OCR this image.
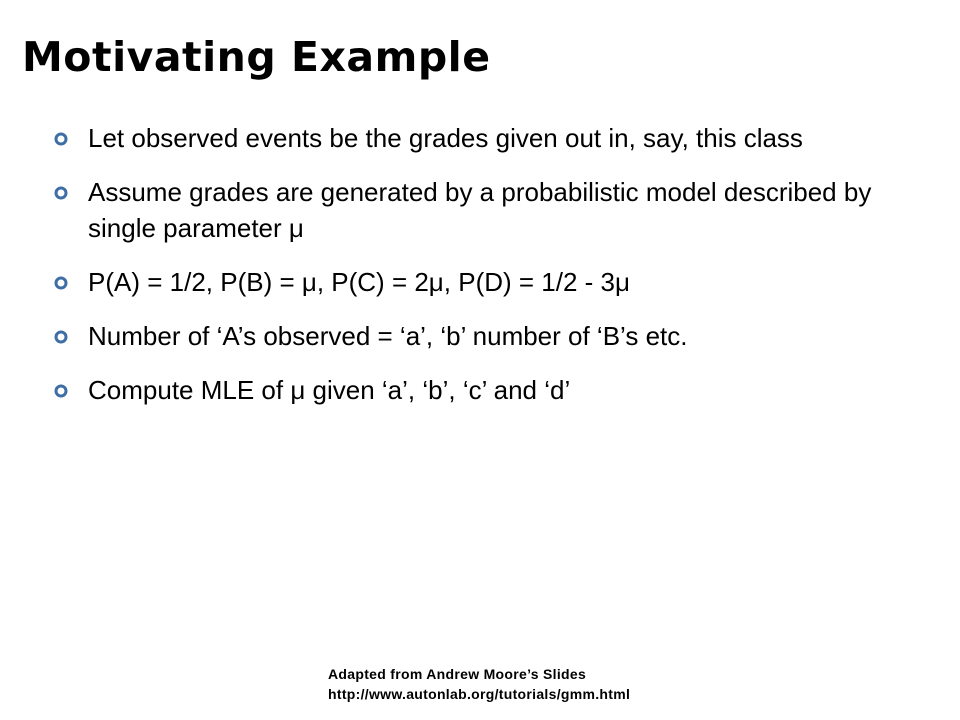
Motivating Example
Let observed events be the grades given out in, say, this class
Assume grades are generated by a probabilistic model described by single parameter μ
P(A) = 1/2, P(B) = μ, P(C) = 2μ, P(D) = 1/2 - 3μ
Number of ‘A’s observed = ‘a’, ‘b’ number of ‘B’s etc.
Compute MLE of μ given ‘a’, ‘b’, ‘c’ and ‘d’
Adapted from Andrew Moore’s Slides
http://www.autonlab.org/tutorials/gmm.html
